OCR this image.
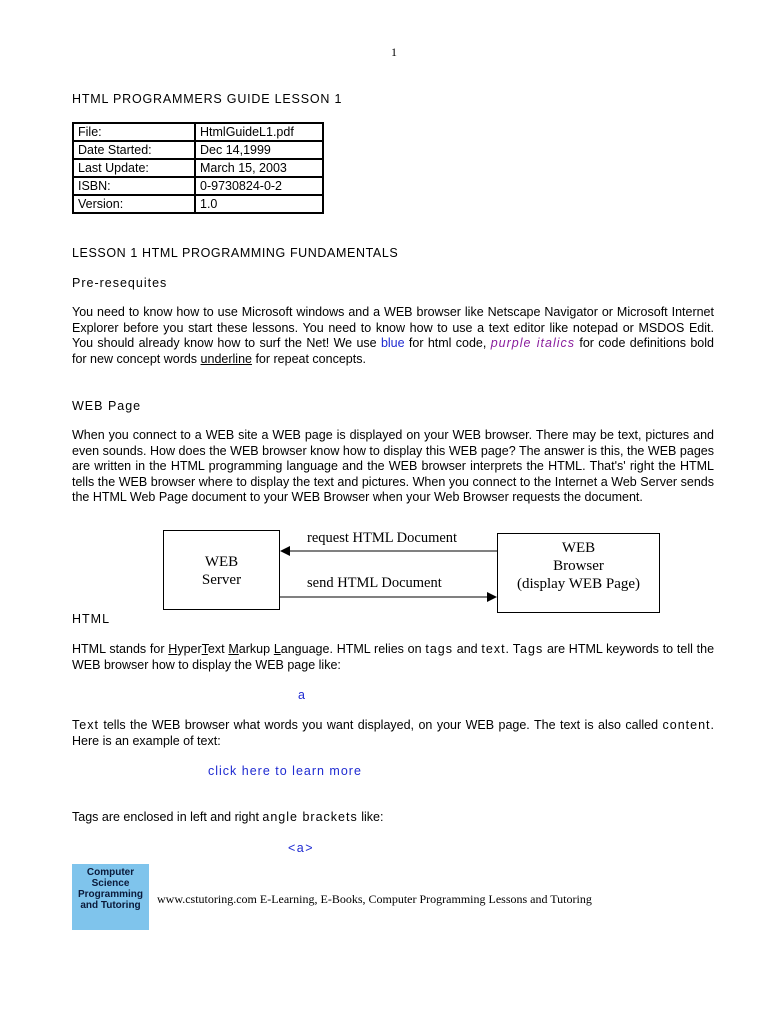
1
HTML PROGRAMMERS GUIDE LESSON 1
File:	HtmlGuideL1.pdf
Date Started:	Dec 14,1999
Last Update:	March 15, 2003
ISBN:	0-9730824-0-2
Version:	1.0
LESSON 1 HTML PROGRAMMING FUNDAMENTALS
Pre-resequites
You need to know how to use Microsoft windows and a WEB browser like Netscape Navigator or Microsoft Internet Explorer before you start these lessons. You need to know how to use a text editor like notepad or MSDOS Edit. You should already know how to surf the Net! We use blue for html code, purple italics for code definitions bold for new concept words underline for repeat concepts.
WEB Page
When you connect to a WEB site a WEB page is displayed on your WEB browser. There may be text, pictures and even sounds. How does the WEB browser know how to display this WEB page? The answer is this, the WEB pages are written in the HTML programming language and the WEB browser interprets the HTML. That's' right the HTML tells the WEB browser where to display the text and pictures. When you connect to the Internet a Web Server sends the HTML Web Page document to your WEB Browser when your Web Browser requests the document.
WEB
Server
WEB
Browser
(display WEB Page)
request HTML Document
send HTML Document
HTML
HTML stands for HyperText Markup Language. HTML relies on tags and text. Tags are HTML keywords to tell the WEB browser how to display the WEB page like:
a
Text tells the WEB browser what words you want displayed, on your WEB page. The text is also called content. Here is an example of text:
click here to learn more
Tags are enclosed in left and right angle brackets like:
<a>
Computer Science
Programming
and Tutoring	www.cstutoring.com E-Learning, E-Books, Computer Programming Lessons and Tutoring
